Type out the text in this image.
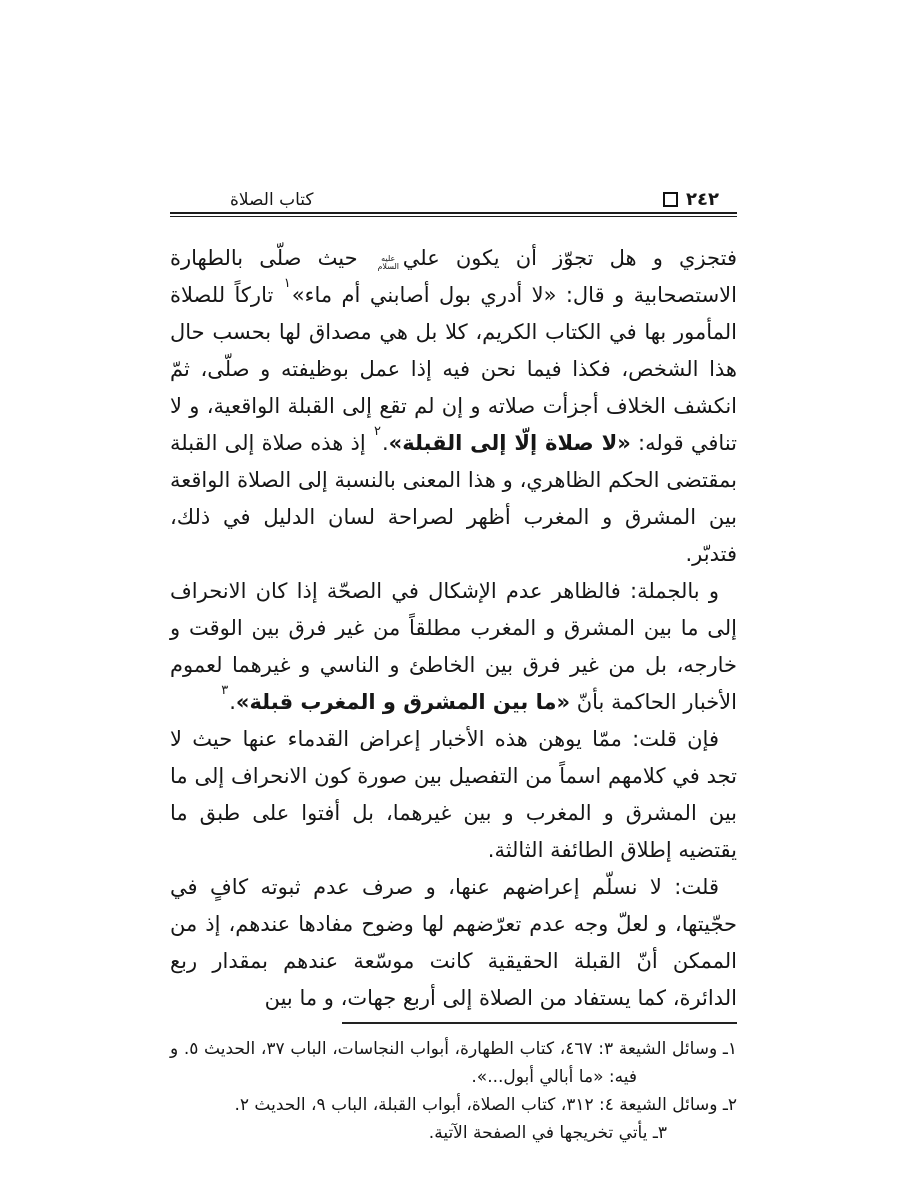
٢٤٢
كتاب الصلاة

فتجزي و هل تجوّز أن يكون عليعليه السلام حيث صلّى بالطهارة الاستصحابية و قال: «لا أدري بول أصابني أم ماء»$^١$ تاركاً للصلاة المأمور بها في الكتاب الكريم، كلا بل هي مصداق لها بحسب حال هذا الشخص، فكذا فيما نحن فيه إذا عمل بوظيفته و صلّى، ثمّ انكشف الخلاف أجزأت صلاته و إن لم تقع إلى القبلة الواقعية، و لا تنافي قوله: «لا صلاة إلّا إلى القبلة».$^٢$ إذ هذه صلاة إلى القبلة بمقتضى الحكم الظاهري، و هذا المعنى بالنسبة إلى الصلاة الواقعة بين المشرق و المغرب أظهر لصراحة لسان الدليل في ذلك، فتدبّر.

و بالجملة: فالظاهر عدم الإشكال في الصحّة إذا كان الانحراف إلى ما بين المشرق و المغرب مطلقاً من غير فرق بين الوقت و خارجه، بل من غير فرق بين الخاطئ و الناسي و غيرهما لعموم الأخبار الحاكمة بأنّ «ما بين المشرق و المغرب قبلة».$^٣$

فإن قلت: ممّا يوهن هذه الأخبار إعراض القدماء عنها حيث لا تجد في كلامهم اسماً من التفصيل بين صورة كون الانحراف إلى ما بين المشرق و المغرب و بين غيرهما، بل أفتوا على طبق ما يقتضيه إطلاق الطائفة الثالثة.

قلت: لا نسلّم إعراضهم عنها، و صرف عدم ثبوته كافٍ في حجّيتها، و لعلّ وجه عدم تعرّضهم لها وضوح مفادها عندهم، إذ من الممكن أنّ القبلة الحقيقية كانت موسّعة عندهم بمقدار ربع الدائرة، كما يستفاد من الصلاة إلى أربع جهات، و ما بين

١ـ وسائل الشيعة ٣: ٤٦٧، كتاب الطهارة، أبواب النجاسات، الباب ٣٧، الحديث ٥. و فيه: «ما أبالي أبول...».

٢ـ وسائل الشيعة ٤: ٣١٢، كتاب الصلاة، أبواب القبلة، الباب ٩، الحديث ٢.

٣ـ يأتي تخريجها في الصفحة الآتية.
